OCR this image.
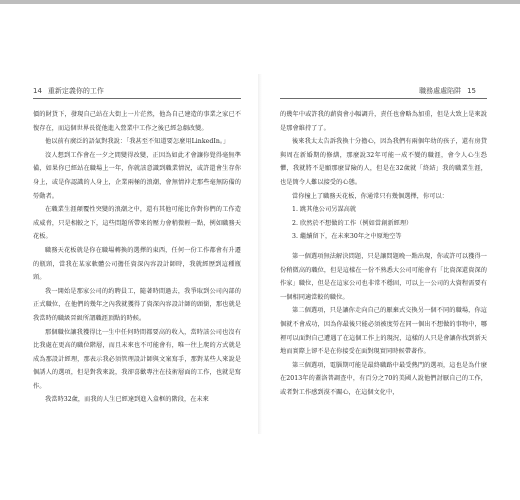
14 重新定義你的工作

價的財貨下，發現自己站在大街上一片茫然，他為自己建造的事業之家已不復存在，而這個世界長從他進入營業中工作之後已經急劇改變。

他以前有廣泛的語氣對我說：「我甚至不知道要怎麼用LinkedIn。」

沒人想到工作會在一夕之間變得改變，正因為如此才會讓你覺得毫無準備，如果你已經站在職場上一年，你就該意識到職業情況，或許還會生存你身上，或是你認識的人身上，企業兩極的浪潮，會無情沖走那些毫無防備的勞動者。

在職業生涯顛覆性突變的浪潮之中，還有其他可能比你對你們的工作造成威脅，只是相較之下，這些問題所帶來的壓力會稍微輕一點，例如職務天花板。

職務天花板就是你在職場轉換的選擇的東西，任何一份工作都會有升遷的瓶頸，當我在某家軟體公司擔任資深內容設計師時，我就經歷到這種瓶頸。

我一開始是那家公司的約聘員工，隨著時間過去，我爭取到公司內部的正式職位，在他們的幾年之內我就獲得了資深內容設計師的頭銜，那也就是我當時的職級晉級所謂職涯頂點的時候。

那個職位讓我獲得比一生中任何時間都要高的收入，當時該公司也沒有比我處在更高的職位階層，而且未來也不可能會有，唯一往上爬的方式就是成為那設計經理，那表示我必須管理設計師與文案寫手，那對某些人來說是個誘人的選項，但是對我來說，我卻喜歡專注在技術層面的工作，也就是寫作。

我當時32歲，而我的人生已經達到進入盒框的階段，在未來

職務處處陷阱 15

的幾年中或許我的薪資會小幅調升，責任也會略為加重，但是大致上是來說是那會維持了了。

後來我太太告訴我換十分擔心，因為我們有兩個年幼的孩子，還有房貸與周在新婚期的修繕，那麼說32年可能一成不變的職涯，會令人心生恐懼，我就將不是願那麼冒險的人，但是在32歲就「終結」我的職業生涯，也是簡令人難以接受的心態。

當你撞上了職務天花板，你通常只有幾個選擇，你可以：

1. 跳其他公司另謀高就
2. 欣然於不想做的工作（例如當創新經理）
3. 繼續留下，在未來30年之中原地空等

第一個選項無法解決問題，只是讓問題晚一點出現，你或許可以獲得一份稍微高的職位，但是這樣在一份不熟悉大公司可能會有「比資深還資深的作家」職位，但是在這家公司也非常不穩固，可以上一公司的大資程需要有一個相同適當較的職位。

第二個選項，只是讓你走向自己的厭棄式交換另一個不同的職場，你這個就不會成功，因為你最後只能必須被度勞在同一個出不想做的事物中，哪裡可以面對自己遭遇了在這個工作上的現況，這樣的人只是會讓你找到新天地而實際上卻不是在你接受在面對現實同時候帶著作。

第三個選項，電腦期可能是最終職路中最受熱門的選項，這也是為什麼在2013年的蓋洛普調查中，有百分之70的美國人說他們討厭自己的工作，或者對工作感到漠不關心，在這個文化中，
